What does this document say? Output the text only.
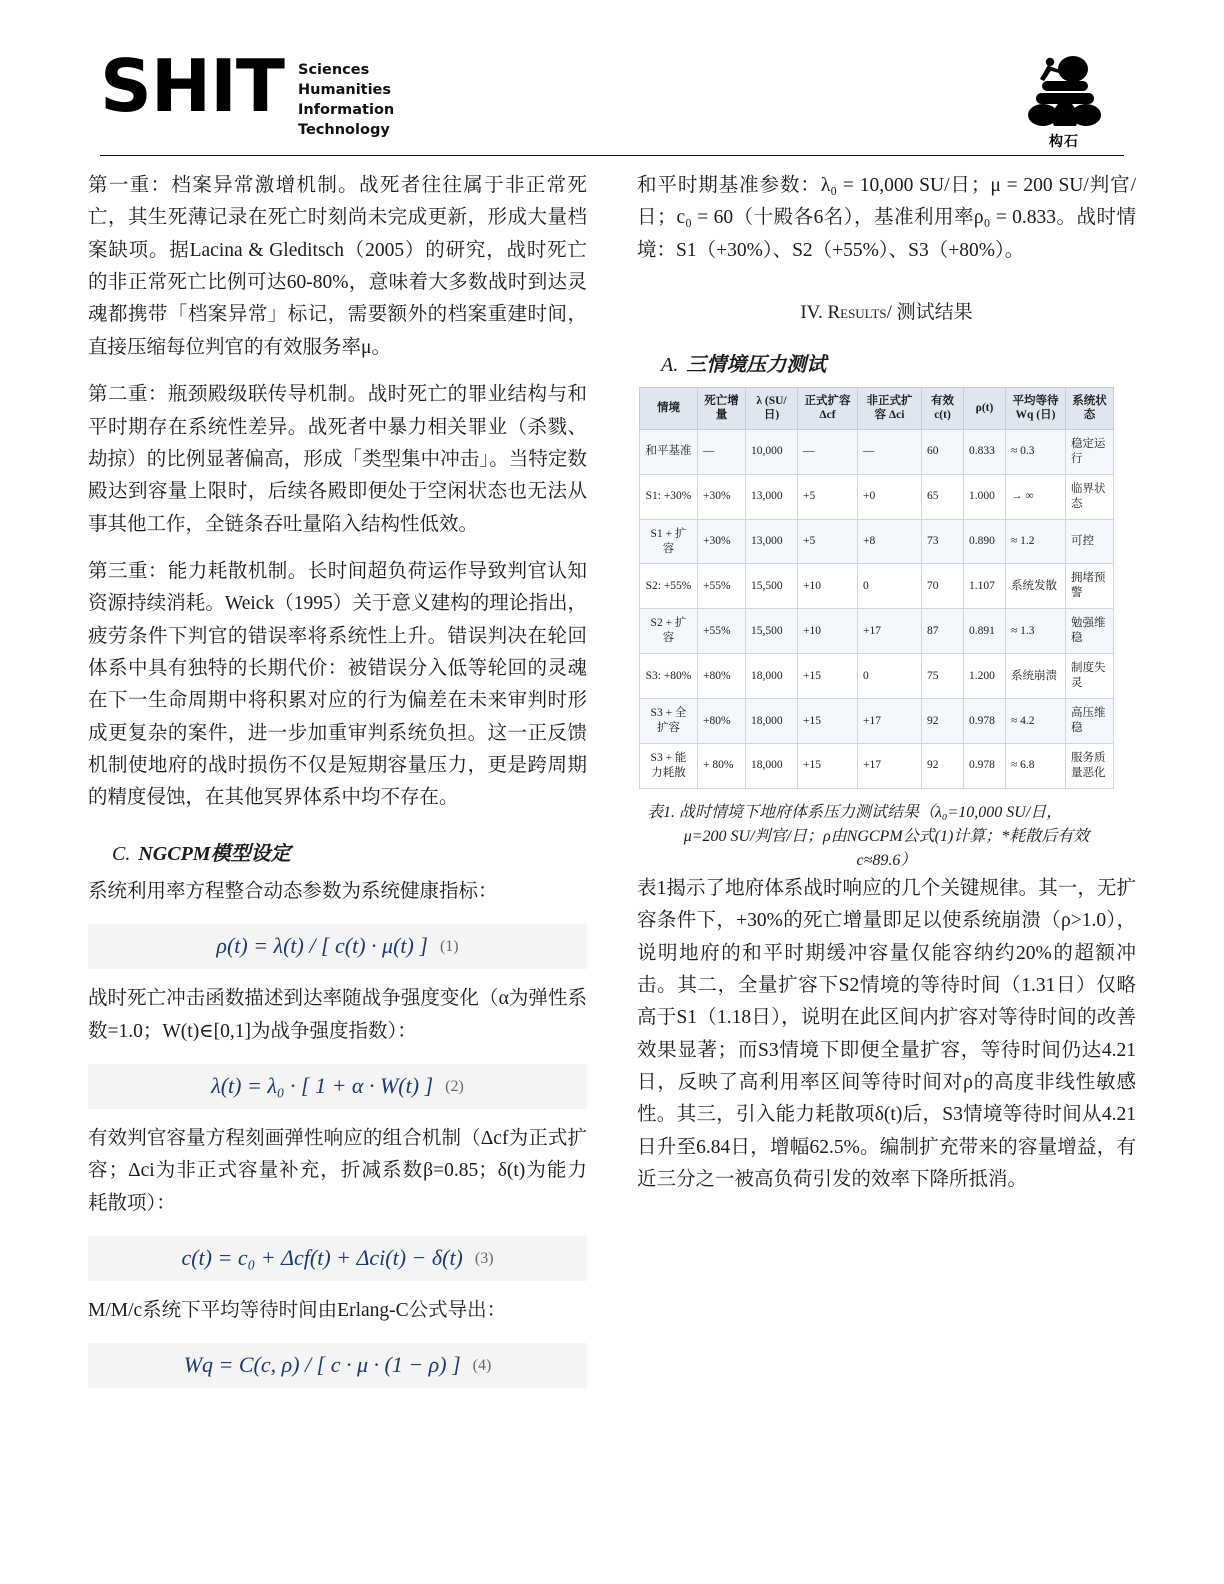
SHIT Sciences
Humanities
Information
Technology
构石

第一重：档案异常激增机制。战死者往往属于非正常死亡，其生死薄记录在死亡时刻尚未完成更新，形成大量档案缺项。据Lacina & Gleditsch（2005）的研究，战时死亡的非正常死亡比例可达60-80%，意味着大多数战时到达灵魂都携带「档案异常」标记，需要额外的档案重建时间，直接压缩每位判官的有效服务率μ。

第二重：瓶颈殿级联传导机制。战时死亡的罪业结构与和平时期存在系统性差异。战死者中暴力相关罪业（杀戮、劫掠）的比例显著偏高，形成「类型集中冲击」。当特定数殿达到容量上限时，后续各殿即便处于空闲状态也无法从事其他工作，全链条吞吐量陷入结构性低效。

第三重：能力耗散机制。长时间超负荷运作导致判官认知资源持续消耗。Weick（1995）关于意义建构的理论指出，疲劳条件下判官的错误率将系统性上升。错误判决在轮回体系中具有独特的长期代价：被错误分入低等轮回的灵魂在下一生命周期中将积累对应的行为偏差在未来审判时形成更复杂的案件，进一步加重审判系统负担。这一正反馈机制使地府的战时损伤不仅是短期容量压力，更是跨周期的精度侵蚀，在其他冥界体系中均不存在。

C. NGCPM模型设定

系统利用率方程整合动态参数为系统健康指标：

ρ(t) = λ(t) / [ c(t) · μ(t) ] (1)

战时死亡冲击函数描述到达率随战争强度变化（α为弹性系数=1.0；W(t)∈[0,1]为战争强度指数）：

λ(t) = λ₀ · [ 1 + α · W(t) ] (2)

有效判官容量方程刻画弹性响应的组合机制（Δcf为正式扩容；Δci为非正式容量补充，折减系数β=0.85；δ(t)为能力耗散项）：

c(t) = c₀ + Δcf(t) + Δci(t) − δ(t) (3)

M/M/c系统下平均等待时间由Erlang-C公式导出：

Wq = C(c, ρ) / [ c · μ · (1 − ρ) ] (4)

和平时期基准参数：λ₀ = 10,000 SU/日；μ = 200 SU/判官/日；c₀ = 60（十殿各6名），基准利用率ρ₀ = 0.833。战时情境：S1（+30%）、S2（+55%）、S3（+80%）。

IV. Results/ 测试结果
A. 三情境压力测试
情境	死亡增量	λ (SU/日)	正式扩容 Δcf	非正式扩容 Δci	有效 c(t)	ρ(t)	平均等待 Wq (日)	系统状态
和平基准	—	10,000	—	—	60	0.833	≈ 0.3	稳定运行
S1: +30%	+30%	13,000	+5	+0	65	1.000	→ ∞	临界状态
S1 + 扩容	+30%	13,000	+5	+8	73	0.890	≈ 1.2	可控
S2: +55%	+55%	15,500	+10	0	70	1.107	系统发散	拥堵预警
S2 + 扩容	+55%	15,500	+10	+17	87	0.891	≈ 1.3	勉强维稳
S3: +80%	+80%	18,000	+15	0	75	1.200	系统崩溃	制度失灵
S3 + 全扩容	+80%	18,000	+15	+17	92	0.978	≈ 4.2	高压维稳
S3 + 能力耗散	+ 80%	18,000	+15	+17	92	0.978	≈ 6.8	服务质量恶化
表1. 战时情境下地府体系压力测试结果（λ₀=10,000 SU/日，
μ=200 SU/判官/日；ρ由NGCPM公式(1)计算；*耗散后有效
c≈89.6）

表1揭示了地府体系战时响应的几个关键规律。其一，无扩容条件下，+30%的死亡增量即足以使系统崩溃（ρ>1.0），说明地府的和平时期缓冲容量仅能容纳约20%的超额冲击。其二，全量扩容下S2情境的等待时间（1.31日）仅略高于S1（1.18日），说明在此区间内扩容对等待时间的改善效果显著；而S3情境下即便全量扩容，等待时间仍达4.21日，反映了高利用率区间等待时间对ρ的高度非线性敏感性。其三，引入能力耗散项δ(t)后，S3情境等待时间从4.21日升至6.84日，增幅62.5%。编制扩充带来的容量增益，有近三分之一被高负荷引发的效率下降所抵消。
